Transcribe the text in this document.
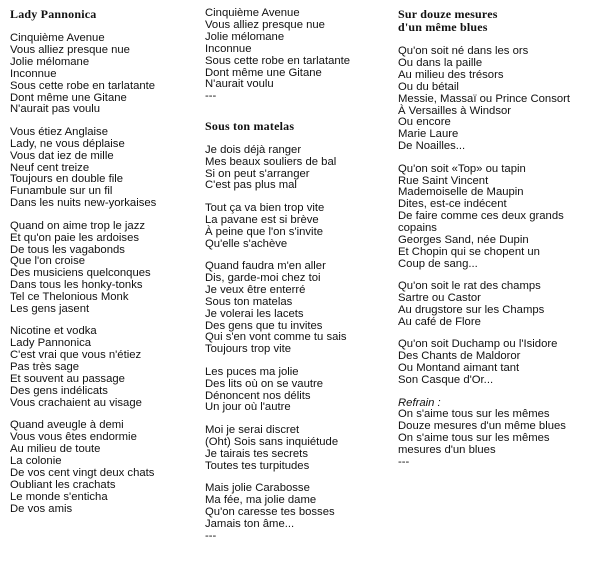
Lady Pannonica
Cinquième Avenue
Vous alliez presque nue
Jolie mélomane
Inconnue
Sous cette robe en tarlatante
Dont même une Gitane
N'aurait pas voulu
Vous étiez Anglaise
Lady, ne vous déplaise
Vous dat iez de mille
Neuf cent treize
Toujours en double file
Funambule sur un fil
Dans les nuits new-yorkaises
Quand on aime trop le jazz
Et qu'on paie les ardoises
De tous les vagabonds
Que l'on croise
Des musiciens quelconques
Dans tous les honky-tonks
Tel ce Thelonious Monk
Les gens jasent
Nicotine et vodka
Lady Pannonica
C'est vrai que vous n'étiez
Pas très sage
Et souvent au passage
Des gens indélicats
Vous crachaient au visage
Quand aveugle à demi
Vous vous êtes endormie
Au milieu de toute
La colonie
De vos cent vingt deux chats
Oubliant les crachats
Le monde s'enticha
De vos amis
Cinquième Avenue
Vous alliez presque nue
Jolie mélomane
Inconnue
Sous cette robe en tarlatante
Dont même une Gitane
N'aurait voulu
---
Sous ton matelas
Je dois déjà ranger
Mes beaux souliers de bal
Si on peut s'arranger
C'est pas plus mal
Tout ça va bien trop vite
La pavane est si brève
À peine que l'on s'invite
Qu'elle s'achève
Quand faudra m'en aller
Dis, garde-moi chez toi
Je veux être enterré
Sous ton matelas
Je volerai les lacets
Des gens que tu invites
Qui s'en vont comme tu sais
Toujours trop vite
Les puces ma jolie
Des lits où on se vautre
Dénoncent nos délits
Un jour où l'autre
Moi je serai discret
(Oht) Sois sans inquiétude
Je tairais tes secrets
Toutes tes turpitudes
Mais jolie Carabosse
Ma fée, ma jolie dame
Qu'on caresse tes bosses
Jamais ton âme...
---
Sur douze mesures
d'un même blues
Qu'on soit né dans les ors
Ou dans la paille
Au milieu des trésors
Ou du bétail
Messie, Massaï ou Prince Consort
À Versailles à Windsor
Ou encore
Marie Laure
De Noailles...
Qu'on soit «Top» ou tapin
Rue Saint Vincent
Mademoiselle de Maupin
Dites, est-ce indécent
De faire comme ces deux grands
copains
Georges Sand, née Dupin
Et Chopin qui se chopent un
Coup de sang...
Qu'on soit le rat des champs
Sartre ou Castor
Au drugstore sur les Champs
Au café de Flore
Qu'on soit Duchamp ou l'Isidore
Des Chants de Maldoror
Ou Montand aimant tant
Son Casque d'Or...
Refrain :
On s'aime tous sur les mêmes
Douze mesures d'un même blues
On s'aime tous sur les mêmes
mesures d'un blues
---
